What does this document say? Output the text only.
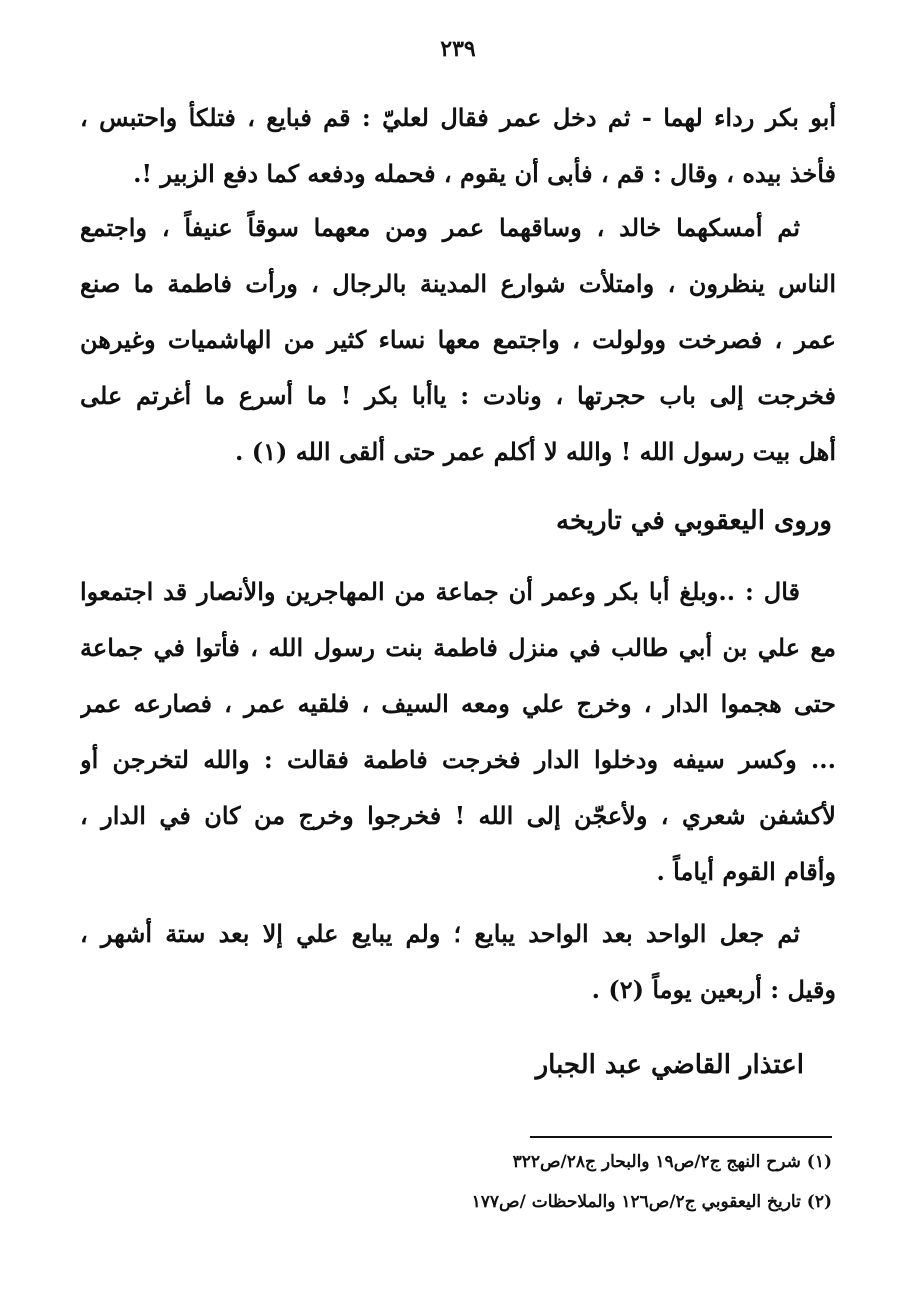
٢٣٩
أبو بكر رداء لهما - ثم دخل عمر فقال لعليّ : قم فبايع ، فتلكأ واحتبس ،
فأخذ بيده ، وقال : قم ، فأبى أن يقوم ، فحمله ودفعه كما دفع الزبير !.
ثم أمسكهما خالد ، وساقهما عمر ومن معهما سوقاً عنيفاً ، واجتمع
الناس ينظرون ، وامتلأت شوارع المدينة بالرجال ، ورأت فاطمة ما صنع
عمر ، فصرخت وولولت ، واجتمع معها نساء كثير من الهاشميات وغيرهن
فخرجت إلى باب حجرتها ، ونادت : ياأبا بكر ! ما أسرع ما أغرتم على
أهل بيت رسول الله ! والله لا أكلم عمر حتى ألقى الله (١) .
وروى اليعقوبي في تاريخه
قال : ..وبلغ أبا بكر وعمر أن جماعة من المهاجرين والأنصار قد اجتمعوا
مع علي بن أبي طالب في منزل فاطمة بنت رسول الله ، فأتوا في جماعة
حتى هجموا الدار ، وخرج علي ومعه السيف ، فلقيه عمر ، فصارعه عمر
... وكسر سيفه ودخلوا الدار فخرجت فاطمة فقالت : والله لتخرجن أو
لأكشفن شعري ، ولأعجّن إلى الله ! فخرجوا وخرج من كان في الدار ،
وأقام القوم أياماً .
ثم جعل الواحد بعد الواحد يبايع ؛ ولم يبايع علي إلا بعد ستة أشهر ،
وقيل : أربعين يوماً (٢) .
اعتذار القاضي عبد الجبار
(١) شرح النهج ج٢/ص١٩ والبحار ج٢٨/ص٣٢٢
(٢) تاريخ اليعقوبي ج٢/ص١٢٦ والملاحظات /ص١٧٧
